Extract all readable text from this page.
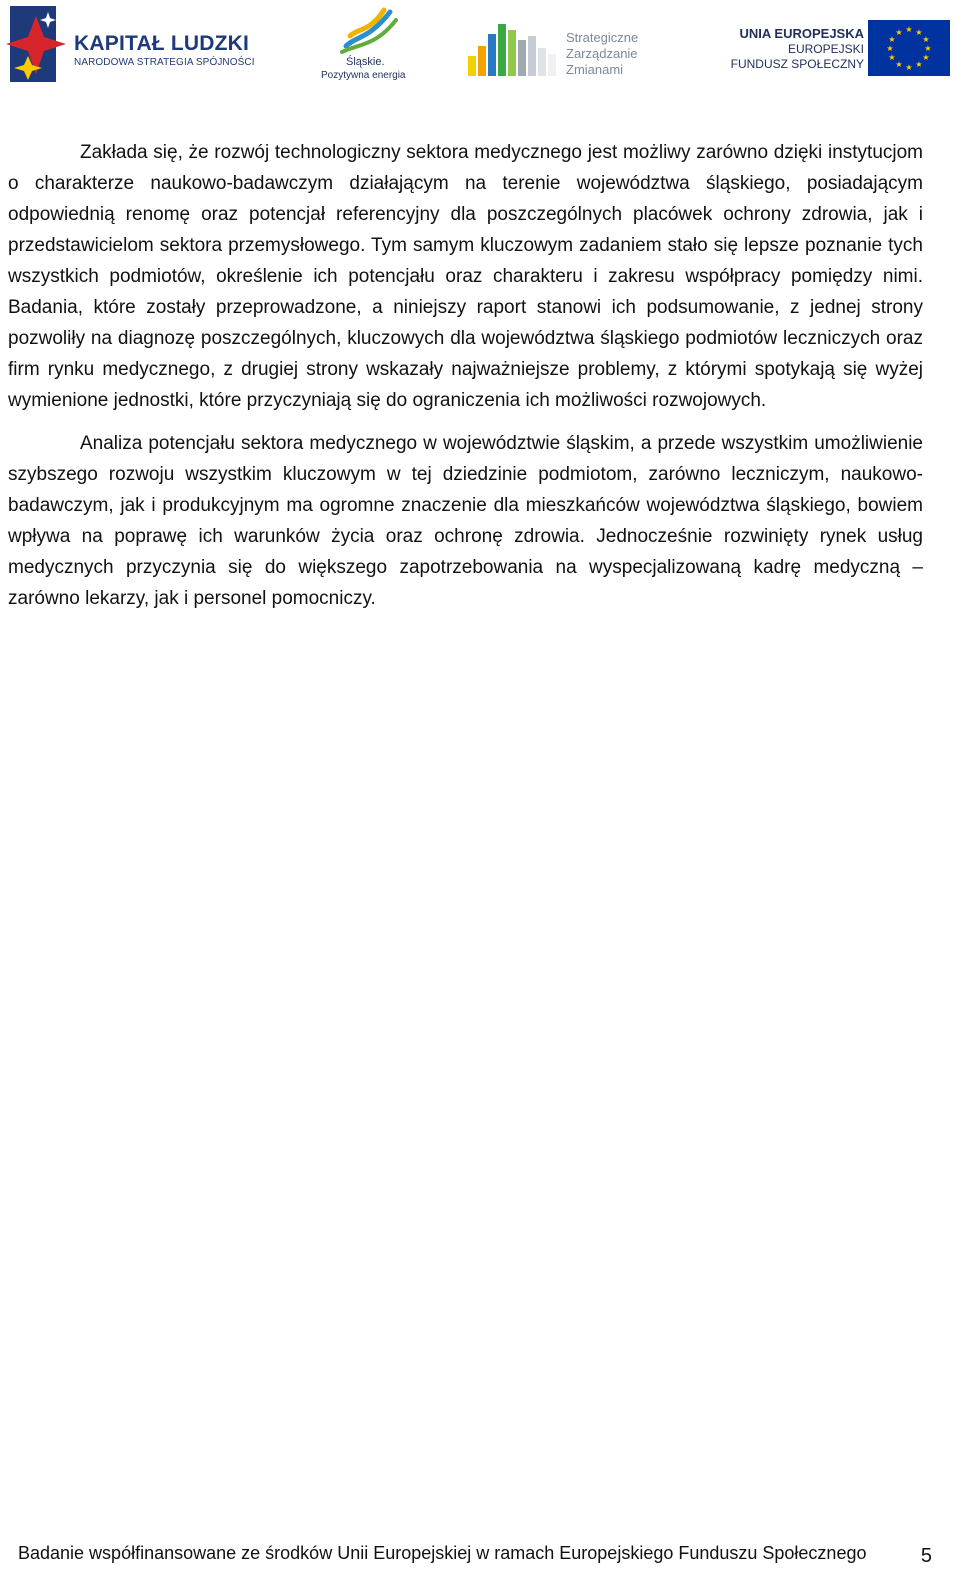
KAPITAŁ LUDZKI
NARODOWA STRATEGIA SPÓJNOŚCI	Śląskie.
Pozytywna energia
Strategiczne
Zarządzanie
Zmianami
UNIA EUROPEJSKA
EUROPEJSKI
FUNDUSZ SPOŁECZNY
★ ★
★
★
★
★
★
★
★
★
★
★

Zakłada się, że rozwój technologiczny sektora medycznego jest możliwy zarówno dzięki instytucjom o charakterze naukowo-badawczym działającym na terenie województwa śląskiego, posiadającym odpowiednią renomę oraz potencjał referencyjny dla poszczególnych placówek ochrony zdrowia, jak i przedstawicielom sektora przemysłowego. Tym samym kluczowym zadaniem stało się lepsze poznanie tych wszystkich podmiotów, określenie ich potencjału oraz charakteru i zakresu współpracy pomiędzy nimi. Badania, które zostały przeprowadzone, a niniejszy raport stanowi ich podsumowanie, z jednej strony pozwoliły na diagnozę poszczególnych, kluczowych dla województwa śląskiego podmiotów leczniczych oraz firm rynku medycznego, z drugiej strony wskazały najważniejsze problemy, z którymi spotykają się wyżej wymienione jednostki, które przyczyniają się do ograniczenia ich możliwości rozwojowych.

Analiza potencjału sektora medycznego w województwie śląskim, a przede wszystkim umożliwienie szybszego rozwoju wszystkim kluczowym w tej dziedzinie podmiotom, zarówno leczniczym, naukowo-badawczym, jak i produkcyjnym ma ogromne znaczenie dla mieszkańców województwa śląskiego, bowiem wpływa na poprawę ich warunków życia oraz ochronę zdrowia. Jednocześnie rozwinięty rynek usług medycznych przyczynia się do większego zapotrzebowania na wyspecjalizowaną kadrę medyczną – zarówno lekarzy, jak i personel pomocniczy.

Badanie współfinansowane ze środków Unii Europejskiej w ramach Europejskiego Funduszu Społecznego	5
